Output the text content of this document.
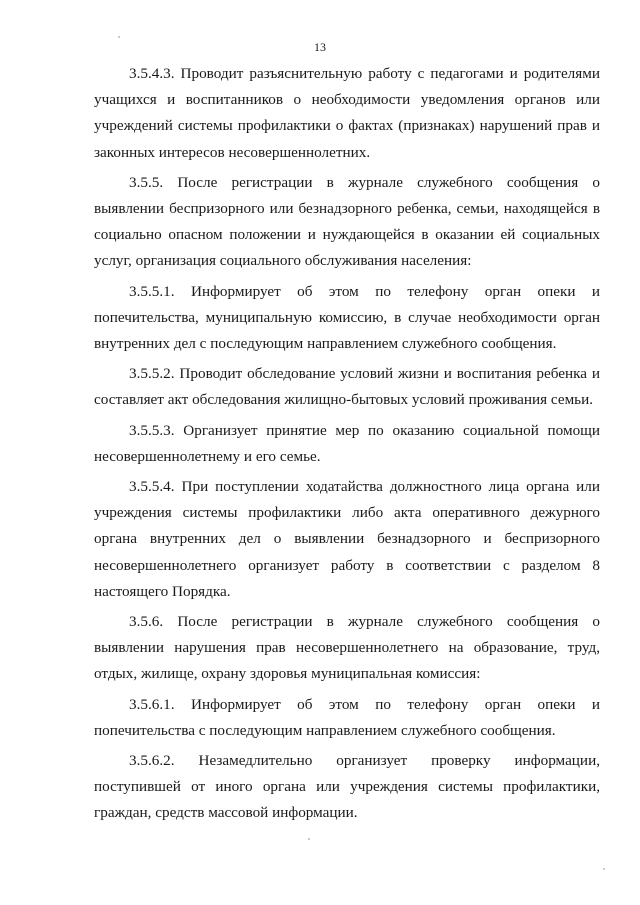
13

3.5.4.3. Проводит разъяснительную работу с педагогами и родителями учащихся и воспитанников о необходимости уведомления органов или учреждений системы профилактики о фактах (признаках) нарушений прав и законных интересов несовершеннолетних.

3.5.5. После регистрации в журнале служебного сообщения о выявлении беспризорного или безнадзорного ребенка, семьи, находящейся в социально опасном положении и нуждающейся в оказании ей социальных услуг, организация социального обслуживания населения:

3.5.5.1. Информирует об этом по телефону орган опеки и попечительства, муниципальную комиссию, в случае необходимости орган внутренних дел с последующим направлением служебного сообщения.

3.5.5.2. Проводит обследование условий жизни и воспитания ребенка и составляет акт обследования жилищно-бытовых условий проживания семьи.

3.5.5.3. Организует принятие мер по оказанию социальной помощи несовершеннолетнему и его семье.

3.5.5.4. При поступлении ходатайства должностного лица органа или учреждения системы профилактики либо акта оперативного дежурного органа внутренних дел о выявлении безнадзорного и беспризорного несовершеннолетнего организует работу в соответствии с разделом 8 настоящего Порядка.

3.5.6. После регистрации в журнале служебного сообщения о выявлении нарушения прав несовершеннолетнего на образование, труд, отдых, жилище, охрану здоровья муниципальная комиссия:

3.5.6.1. Информирует об этом по телефону орган опеки и попечительства с последующим направлением служебного сообщения.

3.5.6.2. Незамедлительно организует проверку информации, поступившей от иного органа или учреждения системы профилактики, граждан, средств массовой информации.
